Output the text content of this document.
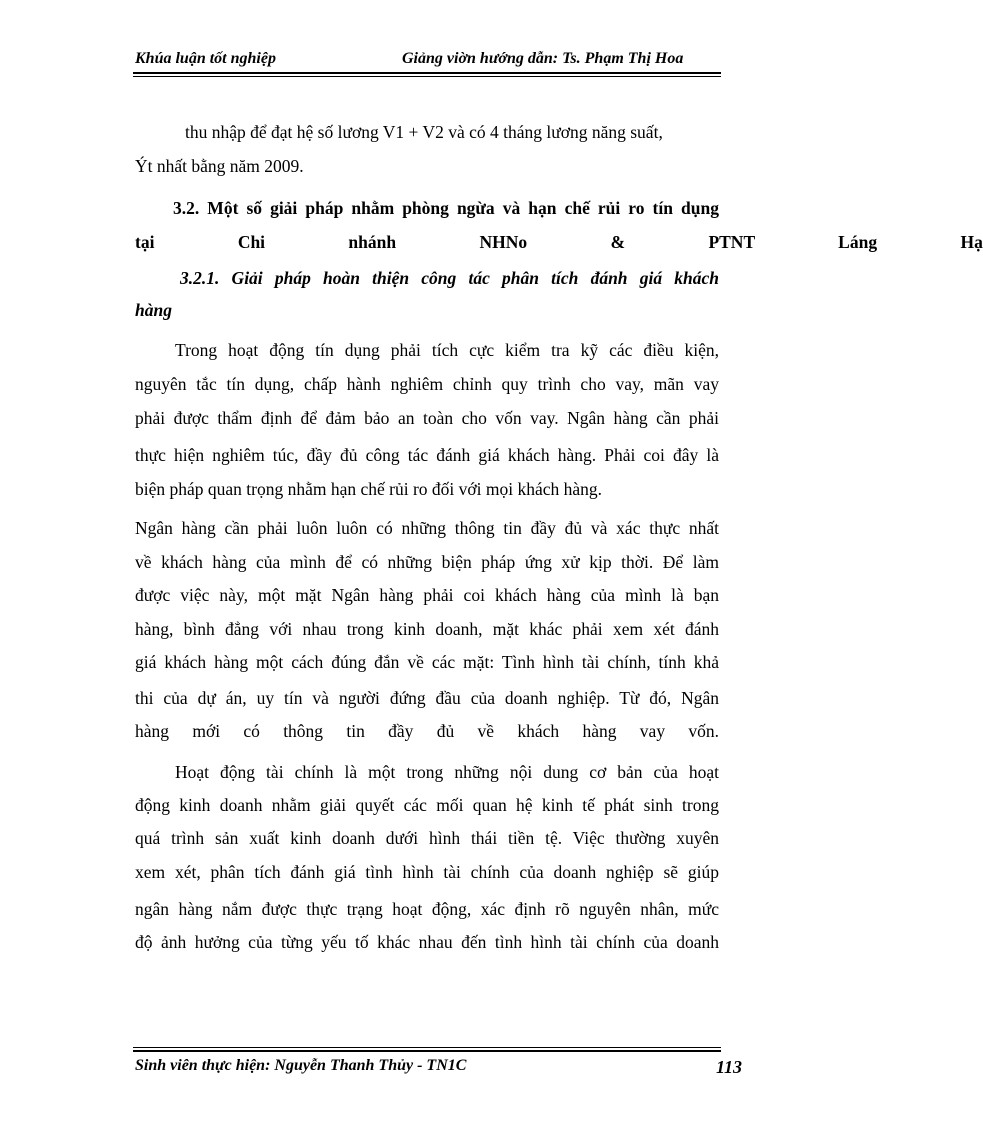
Khúa luận tốt nghiệp	Giảng viờn hướng dẫn: Ts. Phạm Thị Hoa
thu nhập để đạt hệ số lương V1 + V2 và có 4 tháng lương năng suất,
Ýt nhất bằng năm 2009.
3.2. Một số giải pháp nhằm phòng ngừa và hạn chế rủi ro tín dụng
tại Chi nhánh NHNo & PTNT Láng Hạ
3.2.1. Giải pháp hoàn thiện công tác phân tích đánh giá khách
hàng
Trong hoạt động tín dụng phải tích cực kiểm tra kỹ các điều kiện,
nguyên tắc tín dụng, chấp hành nghiêm chỉnh quy trình cho vay, mãn vay
phải được thẩm định để đảm bảo an toàn cho vốn vay. Ngân hàng cần phải
thực hiện nghiêm túc, đầy đủ công tác đánh giá khách hàng. Phải coi đây là
biện pháp quan trọng nhằm hạn chế rủi ro đối với mọi khách hàng.
Ngân hàng cần phải luôn luôn có những thông tin đầy đủ và xác thực nhất
về khách hàng của mình để có những biện pháp ứng xử kịp thời. Để làm
được việc này, một mặt Ngân hàng phải coi khách hàng của mình là bạn
hàng, bình đẳng với nhau trong kinh doanh, mặt khác phải xem xét đánh
giá khách hàng một cách đúng đắn về các mặt: Tình hình tài chính, tính khả
thi của dự án, uy tín và người đứng đầu của doanh nghiệp. Từ đó, Ngân
hàng mới có thông tin đầy đủ về khách hàng vay vốn.
Hoạt động tài chính là một trong những nội dung cơ bản của hoạt
động kinh doanh nhằm giải quyết các mối quan hệ kinh tế phát sinh trong
quá trình sản xuất kinh doanh dưới hình thái tiền tệ. Việc thường xuyên
xem xét, phân tích đánh giá tình hình tài chính của doanh nghiệp sẽ giúp
ngân hàng nắm được thực trạng hoạt động, xác định rõ nguyên nhân, mức
độ ảnh hưởng của từng yếu tố khác nhau đến tình hình tài chính của doanh
Sinh viên thực hiện: Nguyễn Thanh Thủy - TN1C	113
